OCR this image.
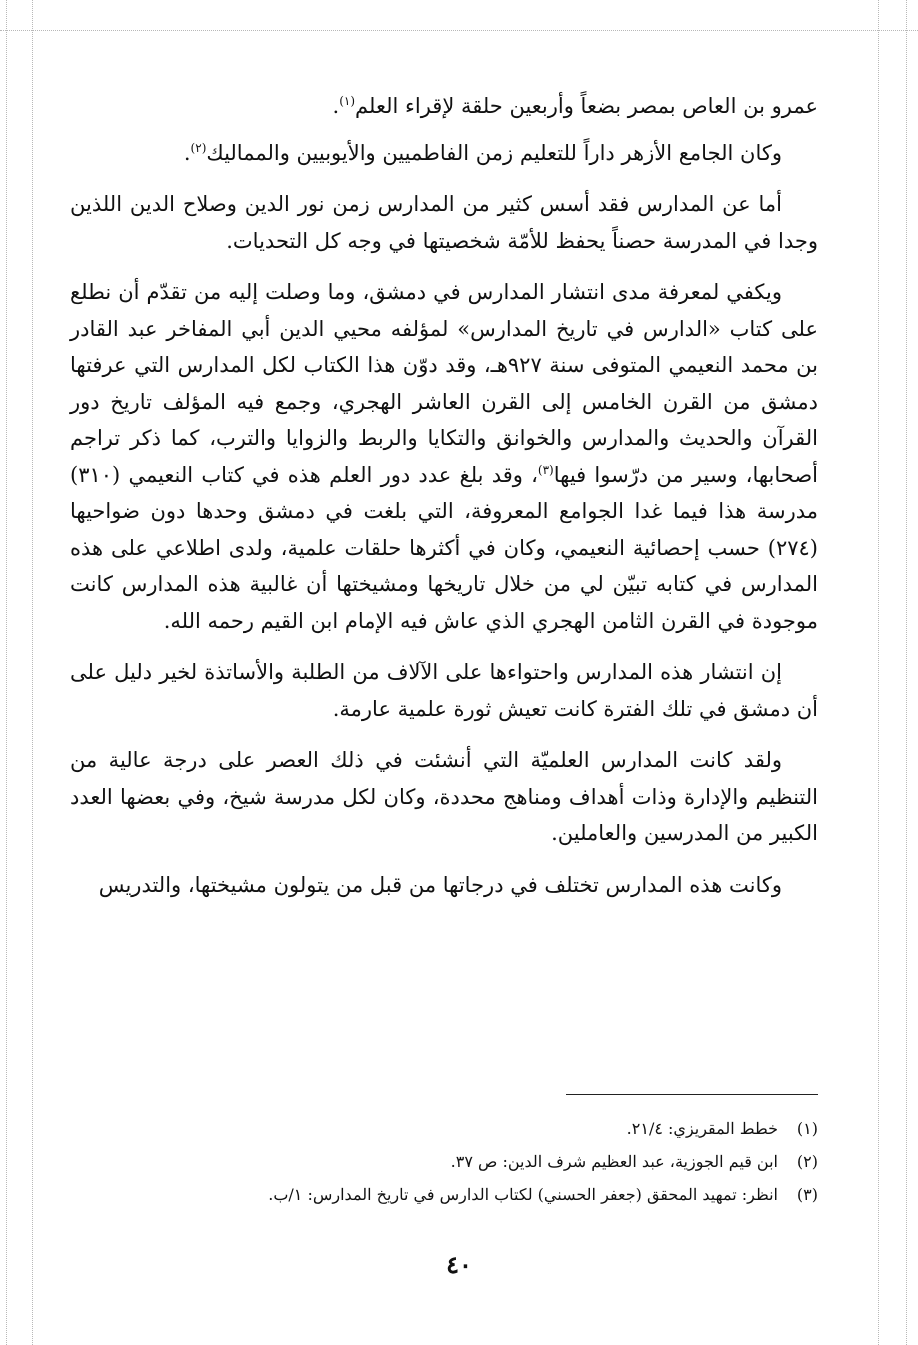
عمرو بن العاص بمصر بضعاً وأربعين حلقة لإقراء العلم$^{(١)}$.

وكان الجامع الأزهر داراً للتعليم زمن الفاطميين والأيوبيين والمماليك$^{(٢)}$.

أما عن المدارس فقد أسس كثير من المدارس زمن نور الدين وصلاح الدين اللذين وجدا في المدرسة حصناً يحفظ للأمّة شخصيتها في وجه كل التحديات.

ويكفي لمعرفة مدى انتشار المدارس في دمشق، وما وصلت إليه من تقدّم أن نطلع على كتاب «الدارس في تاريخ المدارس» لمؤلفه محيي الدين أبي المفاخر عبد القادر بن محمد النعيمي المتوفى سنة ٩٢٧هـ، وقد دوّن هذا الكتاب لكل المدارس التي عرفتها دمشق من القرن الخامس إلى القرن العاشر الهجري، وجمع فيه المؤلف تاريخ دور القرآن والحديث والمدارس والخوانق والتكايا والربط والزوايا والترب، كما ذكر تراجم أصحابها، وسير من درّسوا فيها$^{(٣)}$، وقد بلغ عدد دور العلم هذه في كتاب النعيمي (٣١٠) مدرسة هذا فيما غدا الجوامع المعروفة، التي بلغت في دمشق وحدها دون ضواحيها (٢٧٤) حسب إحصائية النعيمي، وكان في أكثرها حلقات علمية، ولدى اطلاعي على هذه المدارس في كتابه تبيّن لي من خلال تاريخها ومشيختها أن غالبية هذه المدارس كانت موجودة في القرن الثامن الهجري الذي عاش فيه الإمام ابن القيم رحمه الله.

إن انتشار هذه المدارس واحتواءها على الآلاف من الطلبة والأساتذة لخير دليل على أن دمشق في تلك الفترة كانت تعيش ثورة علمية عارمة.

ولقد كانت المدارس العلميّة التي أنشئت في ذلك العصر على درجة عالية من التنظيم والإدارة وذات أهداف ومناهج محددة، وكان لكل مدرسة شيخ، وفي بعضها العدد الكبير من المدرسين والعاملين.

وكانت هذه المدارس تختلف في درجاتها من قبل من يتولون مشيختها، والتدريس

(١)خطط المقريزي: ٢١/٤.
(٢)ابن قيم الجوزية، عبد العظيم شرف الدين: ص ٣٧.
(٣)انظر: تمهيد المحقق (جعفر الحسني) لكتاب الدارس في تاريخ المدارس: ١/ب.
٤٠
